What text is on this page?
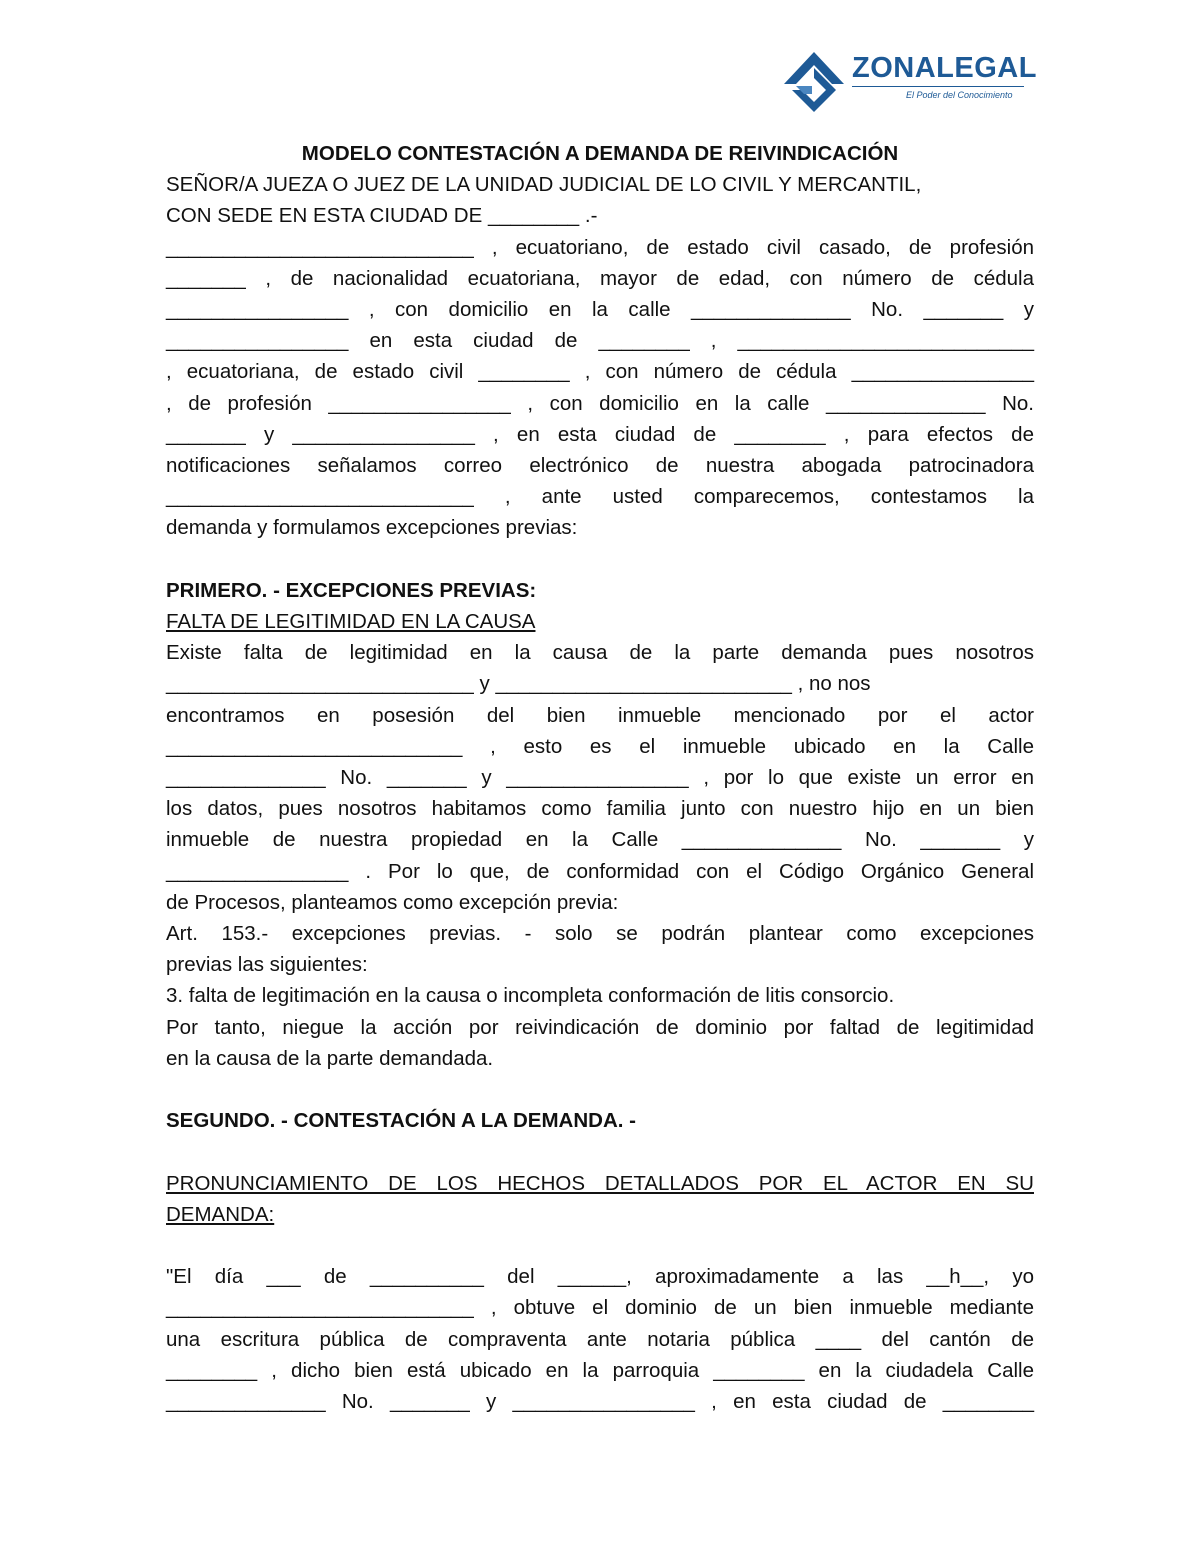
ZONALEGAL
El Poder del Conocimiento

MODELO CONTESTACIÓN A DEMANDA DE REIVINDICACIÓN

SEÑOR/A JUEZA O JUEZ DE LA UNIDAD JUDICIAL DE LO CIVIL Y MERCANTIL,

CON SEDE EN ESTA CIUDAD DE ________ .-

___________________________ , ecuatoriano, de estado civil casado, de profesión

_______ , de nacionalidad ecuatoriana, mayor de edad, con número de cédula

________________ , con domicilio en la calle ______________ No. _______ y

________________ en esta ciudad de ________ , __________________________

, ecuatoriana, de estado civil ________ , con número de cédula ________________

, de profesión ________________ , con domicilio en la calle ______________ No.

_______ y ________________ , en esta ciudad de ________ , para efectos de

notificaciones señalamos correo electrónico de nuestra abogada patrocinadora

___________________________ , ante usted comparecemos, contestamos la

demanda y formulamos excepciones previas:

PRIMERO. - EXCEPCIONES PREVIAS:

FALTA DE LEGITIMIDAD EN LA CAUSA

Existe falta de legitimidad en la causa de la parte demanda pues nosotros

___________________________ y __________________________ , no nos

encontramos en posesión del bien inmueble mencionado por el actor

__________________________ , esto es el inmueble ubicado en la Calle

______________ No. _______ y ________________ , por lo que existe un error en

los datos, pues nosotros habitamos como familia junto con nuestro hijo en un bien

inmueble de nuestra propiedad en la Calle ______________ No. _______ y

________________ . Por lo que, de conformidad con el Código Orgánico General

de Procesos, planteamos como excepción previa:

Art. 153.- excepciones previas. - solo se podrán plantear como excepciones

previas las siguientes:

3. falta de legitimación en la causa o incompleta conformación de litis consorcio.

Por tanto, niegue la acción por reivindicación de dominio por faltad de legitimidad

en la causa de la parte demandada.

SEGUNDO. - CONTESTACIÓN A LA DEMANDA. -

PRONUNCIAMIENTO DE LOS HECHOS DETALLADOS POR EL ACTOR EN SU

DEMANDA:

"El día ___ de __________ del ______, aproximadamente a las __h__, yo

___________________________ , obtuve el dominio de un bien inmueble mediante

una escritura pública de compraventa ante notaria pública ____ del cantón de

________ , dicho bien está ubicado en la parroquia ________ en la ciudadela Calle

______________ No. _______ y ________________ , en esta ciudad de ________
